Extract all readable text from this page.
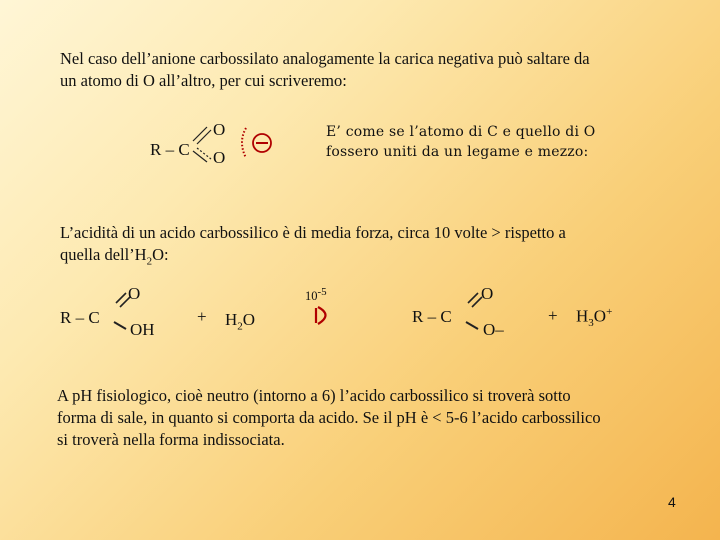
Nel caso dell’anione carbossilato analogamente la carica negativa può saltare da
un atomo di O all’altro, per cui scriveremo:
R – C
O
O
E’ come se l’atomo di C e quello di O
fossero uniti da un legame e mezzo:
L’acidità di un acido carbossilico è di media forza, circa 10 volte > rispetto a
quella $dell’H_2O$:
R – C
O
OH
+ $H_2O$
$10^{-5}$
R – C
O
O–
+ $H_3O^+$
A pH fisiologico, cioè neutro (intorno a 6) l’acido carbossilico si troverà sotto
forma di sale, in quanto si comporta da acido. Se il pH è < 5-6 l’acido carbossilico
si troverà nella forma indissociata.
4
